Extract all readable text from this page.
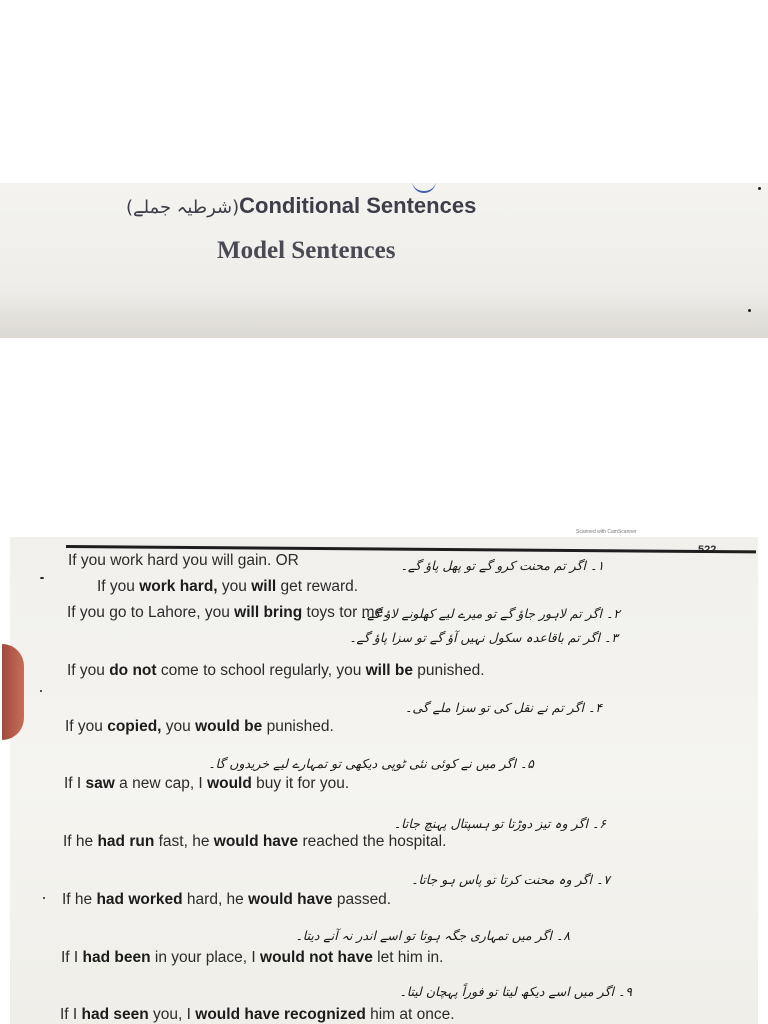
(شرطیہ جملے)Conditional Sentences
Model Sentences
Scanned with CamScanner

If you work hard you will gain. OR

If you work hard, you will get reward.

If you go to Lahore, you will bring toys tor me.

If you do not come to school regularly, you will be punished.

If you copied, you would be punished.

If I saw a new cap, I would buy it for you.

If he had run fast, he would have reached the hospital.

If he had worked hard, he would have passed.

If I had been in your place, I would not have let him in.

If I had seen you, I would have recognized him at once.

۱۔ اگر تم محنت کرو گے تو پھل پاؤ گے۔

۲۔ اگر تم لاہور جاؤ گے تو میرے لیے کھلونے لاؤ گے۔

۳۔ اگر تم باقاعدہ سکول نہیں آؤ گے تو سزا پاؤ گے۔

۴۔ اگر تم نے نقل کی تو سزا ملے گی۔

۵۔ اگر میں نے کوئی نئی ٹوپی دیکھی تو تمہارے لیے خریدوں گا۔

۶۔ اگر وہ تیز دوڑتا تو ہسپتال پہنچ جاتا۔

۷۔ اگر وہ محنت کرتا تو پاس ہو جاتا۔

۸۔ اگر میں تمہاری جگہ ہوتا تو اسے اندر نہ آنے دیتا۔

۹۔ اگر میں اسے دیکھ لیتا تو فوراً پہچان لیتا۔
